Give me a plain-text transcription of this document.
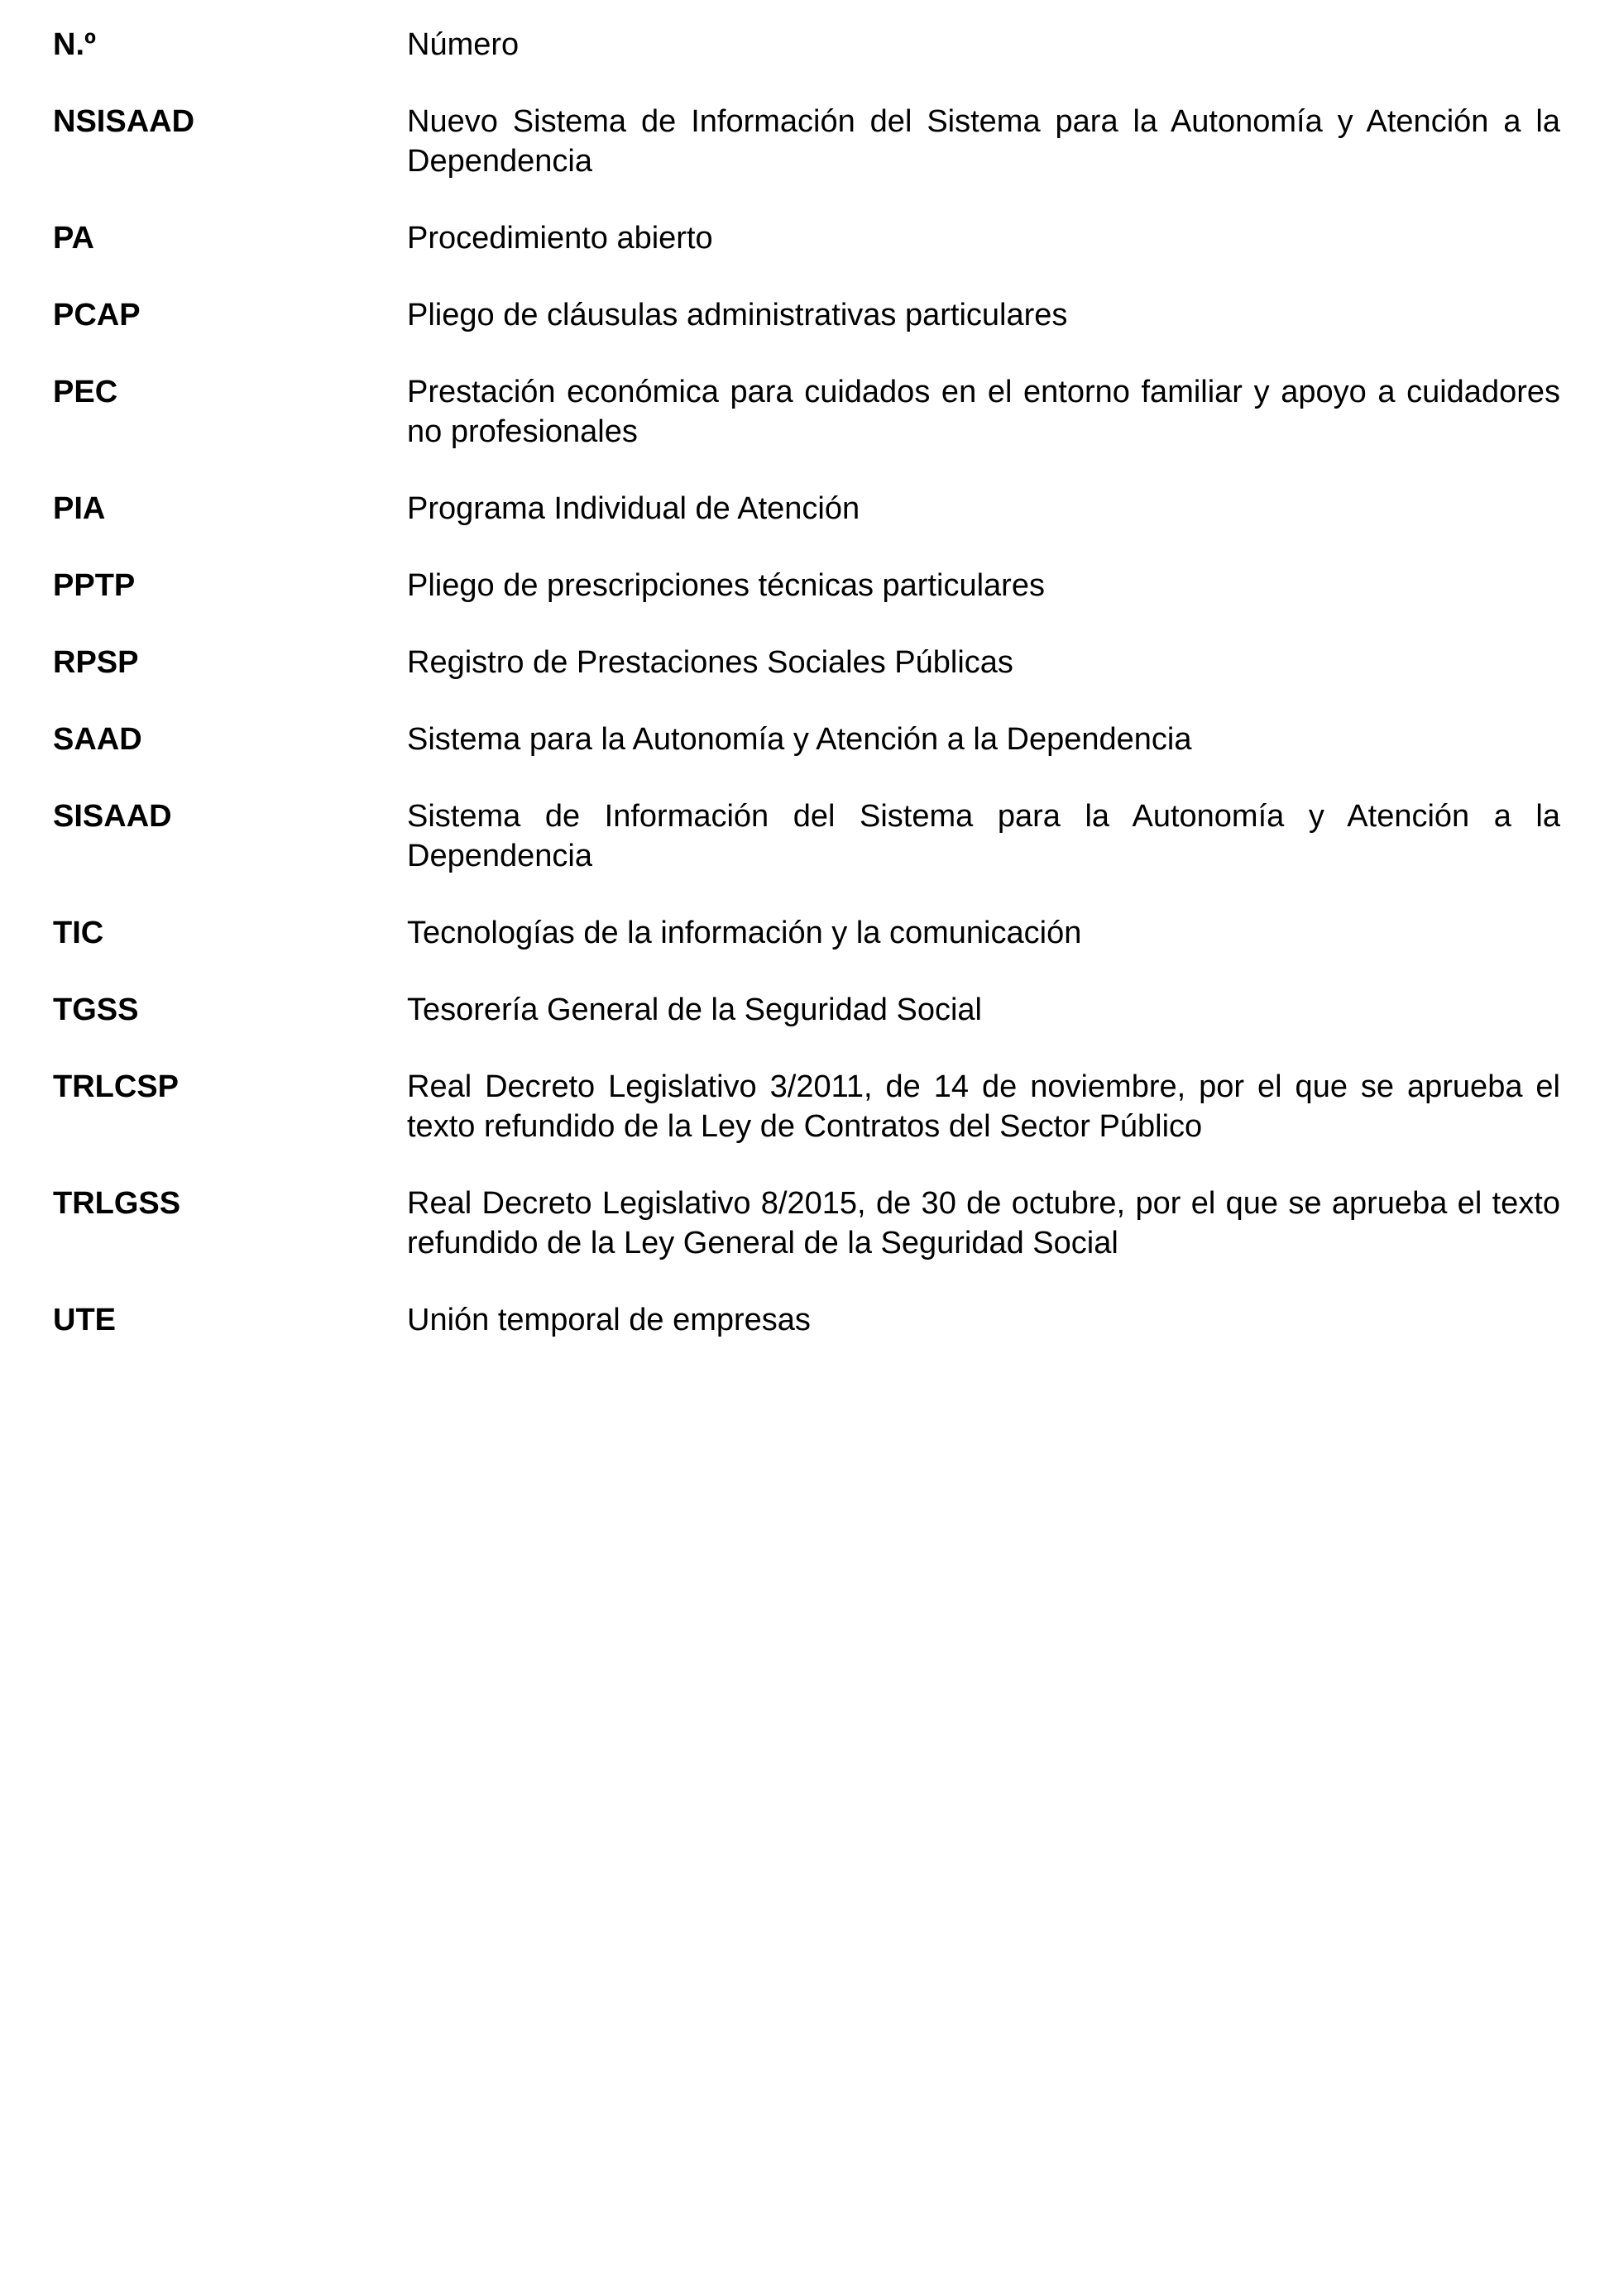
N.º	Número
NSISAAD	Nuevo Sistema de Información del Sistema para la Autonomía y Atención a la Dependencia
PA	Procedimiento abierto
PCAP	Pliego de cláusulas administrativas particulares
PEC	Prestación económica para cuidados en el entorno familiar y apoyo a cuidadores no profesionales
PIA	Programa Individual de Atención
PPTP	Pliego de prescripciones técnicas particulares
RPSP	Registro de Prestaciones Sociales Públicas
SAAD	Sistema para la Autonomía y Atención a la Dependencia
SISAAD	Sistema de Información del Sistema para la Autonomía y Atención a la Dependencia
TIC	Tecnologías de la información y la comunicación
TGSS	Tesorería General de la Seguridad Social
TRLCSP	Real Decreto Legislativo 3/2011, de 14 de noviembre, por el que se aprueba el texto refundido de la Ley de Contratos del Sector Público
TRLGSS	Real Decreto Legislativo 8/2015, de 30 de octubre, por el que se aprueba el texto refundido de la Ley General de la Seguridad Social
UTE	Unión temporal de empresas
